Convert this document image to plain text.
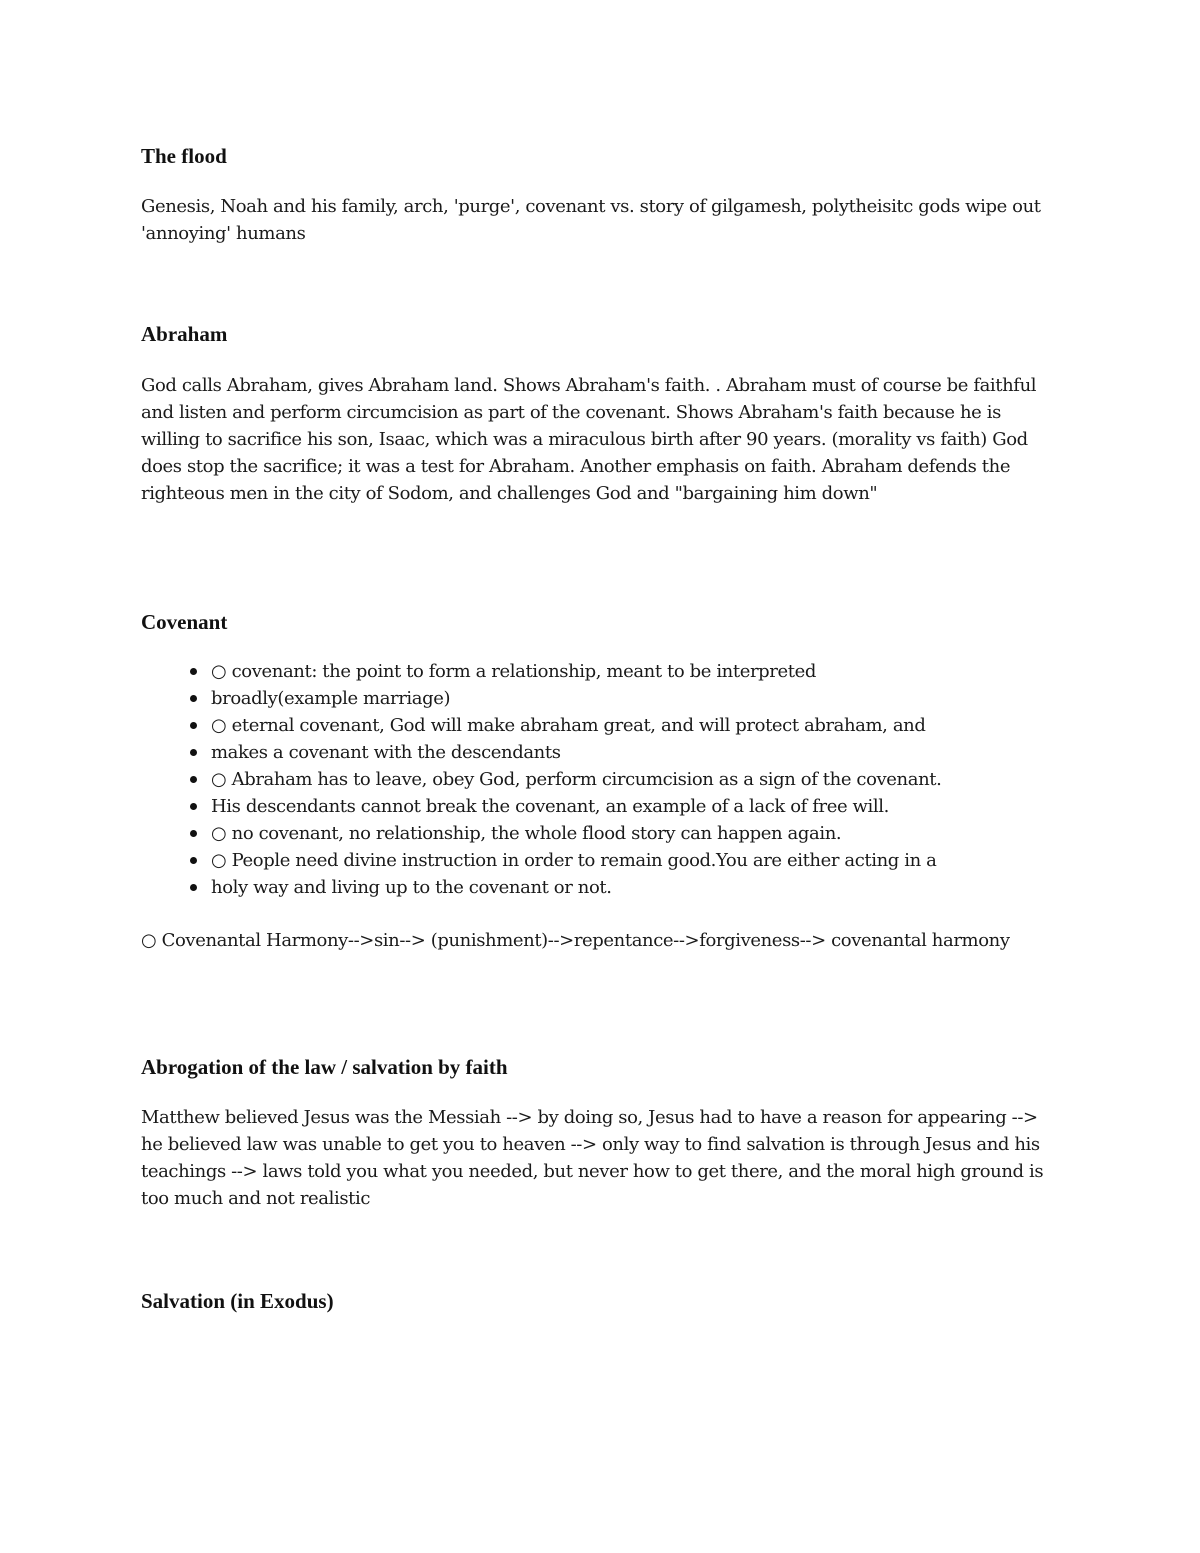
The flood

Genesis, Noah and his family, arch, 'purge', covenant vs. story of gilgamesh, polytheisitc gods wipe out 'annoying' humans

Abraham

God calls Abraham, gives Abraham land. Shows Abraham's faith. . Abraham must of course be faithful and listen and perform circumcision as part of the covenant. Shows Abraham's faith because he is willing to sacrifice his son, Isaac, which was a miraculous birth after 90 years. (morality vs faith) God does stop the sacrifice; it was a test for Abraham. Another emphasis on faith. Abraham defends the righteous men in the city of Sodom, and challenges God and "bargaining him down"

Covenant
○ covenant: the point to form a relationship, meant to be interpreted
broadly(example marriage)
○ eternal covenant, God will make abraham great, and will protect abraham, and
makes a covenant with the descendants
○ Abraham has to leave, obey God, perform circumcision as a sign of the covenant.
His descendants cannot break the covenant, an example of a lack of free will.
○ no covenant, no relationship, the whole flood story can happen again.
○ People need divine instruction in order to remain good.You are either acting in a
holy way and living up to the covenant or not.

○ Covenantal Harmony-->sin--> (punishment)-->repentance-->forgiveness--> covenantal harmony

Abrogation of the law / salvation by faith

Matthew believed Jesus was the Messiah --> by doing so, Jesus had to have a reason for appearing --> he believed law was unable to get you to heaven --> only way to find salvation is through Jesus and his teachings --> laws told you what you needed, but never how to get there, and the moral high ground is too much and not realistic

Salvation (in Exodus)
